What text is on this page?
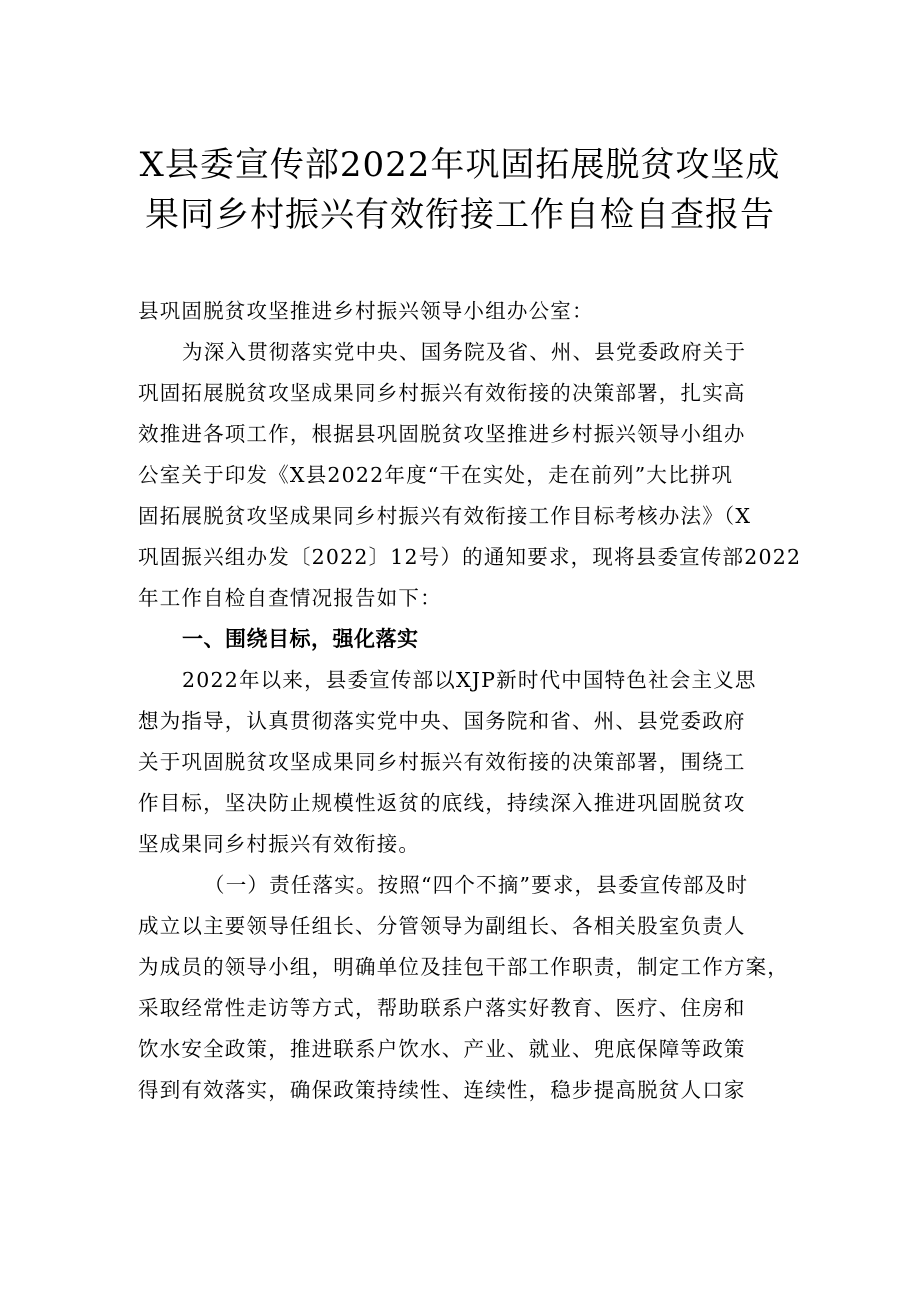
X县委宣传部2022年巩固拓展脱贫攻坚成
果同乡村振兴有效衔接工作自检自查报告
县巩固脱贫攻坚推进乡村振兴领导小组办公室：
为深入贯彻落实党中央、国务院及省、州、县党委政府关于
巩固拓展脱贫攻坚成果同乡村振兴有效衔接的决策部署，扎实高
效推进各项工作，根据县巩固脱贫攻坚推进乡村振兴领导小组办
公室关于印发《X县2022年度“干在实处，走在前列”大比拼巩
固拓展脱贫攻坚成果同乡村振兴有效衔接工作目标考核办法》（X
巩固振兴组办发〔2022〕12号）的通知要求，现将县委宣传部2022
年工作自检自查情况报告如下：
一、围绕目标，强化落实
2022年以来，县委宣传部以XJP新时代中国特色社会主义思
想为指导，认真贯彻落实党中央、国务院和省、州、县党委政府
关于巩固脱贫攻坚成果同乡村振兴有效衔接的决策部署，围绕工
作目标，坚决防止规模性返贫的底线，持续深入推进巩固脱贫攻
坚成果同乡村振兴有效衔接。
（一）责任落实。按照“四个不摘”要求，县委宣传部及时
成立以主要领导任组长、分管领导为副组长、各相关股室负责人
为成员的领导小组，明确单位及挂包干部工作职责，制定工作方案，
采取经常性走访等方式，帮助联系户落实好教育、医疗、住房和
饮水安全政策，推进联系户饮水、产业、就业、兜底保障等政策
得到有效落实，确保政策持续性、连续性，稳步提高脱贫人口家
